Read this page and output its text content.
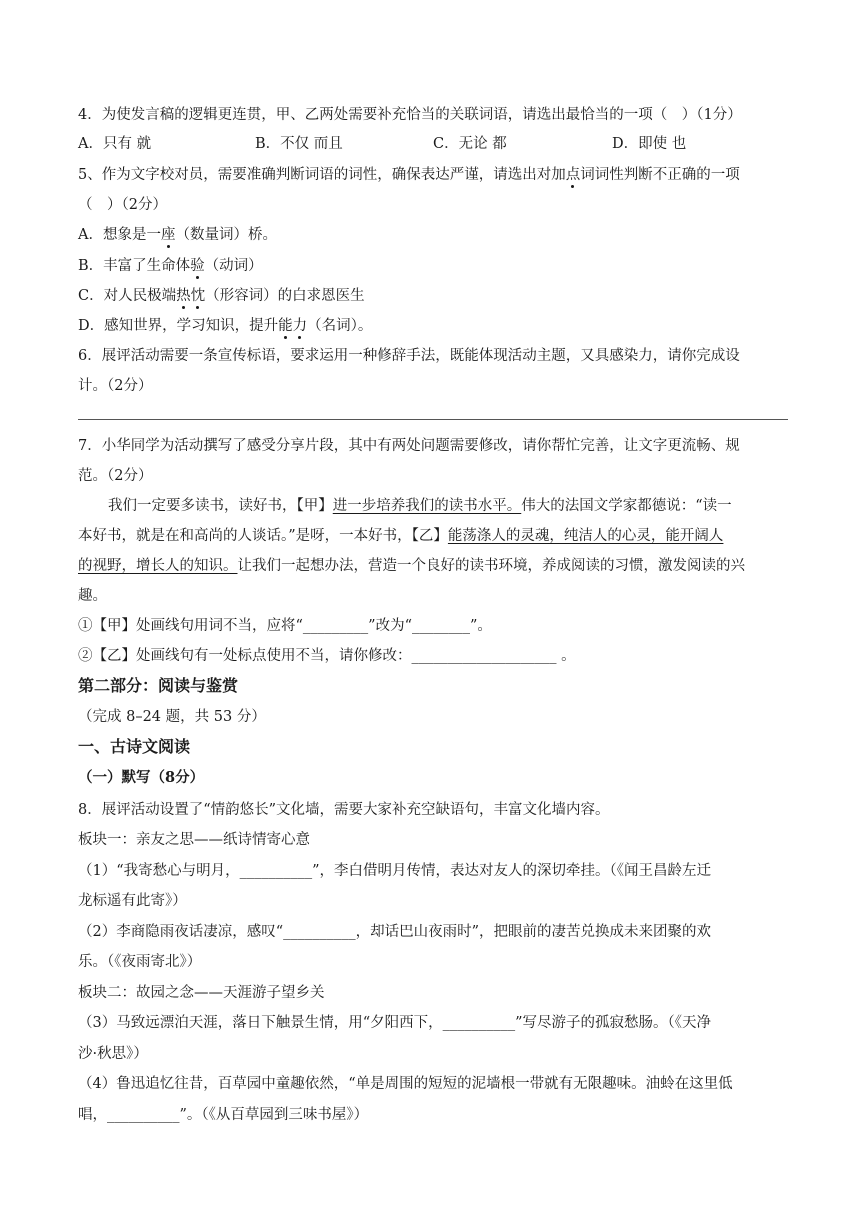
4．为使发言稿的逻辑更连贯，甲、乙两处需要补充恰当的关联词语，请选出最恰当的一项（　）（1分）
A．只有 就	B．不仅 而且	C．无论 都	D．即使 也
5、作为文字校对员，需要准确判断词语的词性，确保表达严谨，请选出对加点词词性判断不正确的一项
（　）（2分）
A．想象是一座（数量词）桥。
B．丰富了生命体验（动词）
C．对人民极端热忱（形容词）的白求恩医生
D．感知世界，学习知识，提升能力（名词）。
6．展评活动需要一条宣传标语，要求运用一种修辞手法，既能体现活动主题，又具感染力，请你完成设
计。（2分）
7．小华同学为活动撰写了感受分享片段，其中有两处问题需要修改，请你帮忙完善，让文字更流畅、规
范。（2分）
我们一定要多读书，读好书，【甲】进一步培养我们的读书水平。伟大的法国文学家都德说：“读一
本好书，就是在和高尚的人谈话。”是呀，一本好书，【乙】能荡涤人的灵魂，纯洁人的心灵，能开阔人
的视野，增长人的知识。让我们一起想办法，营造一个良好的读书环境，养成阅读的习惯，激发阅读的兴
趣。
①【甲】处画线句用词不当，应将“_________”改为“________”。
②【乙】处画线句有一处标点使用不当，请你修改：____________________ 。
第二部分：阅读与鉴赏
（完成 8–24 题，共 53 分）
一、古诗文阅读
（一）默写（8分）
8．展评活动设置了“情韵悠长”文化墙，需要大家补充空缺语句，丰富文化墙内容。
板块一：亲友之思——纸诗情寄心意
（1）“我寄愁心与明月，__________”，李白借明月传情，表达对友人的深切牵挂。（《闻王昌龄左迁
龙标遥有此寄》）
（2）李商隐雨夜话凄凉，感叹“__________，却话巴山夜雨时”，把眼前的凄苦兑换成未来团聚的欢
乐。（《夜雨寄北》）
板块二：故园之念——天涯游子望乡关
（3）马致远漂泊天涯，落日下触景生情，用“夕阳西下，__________”写尽游子的孤寂愁肠。（《天净
沙·秋思》）
（4）鲁迅追忆往昔，百草园中童趣依然，“单是周围的短短的泥墙根一带就有无限趣味。油蛉在这里低
唱，__________”。（《从百草园到三味书屋》）
